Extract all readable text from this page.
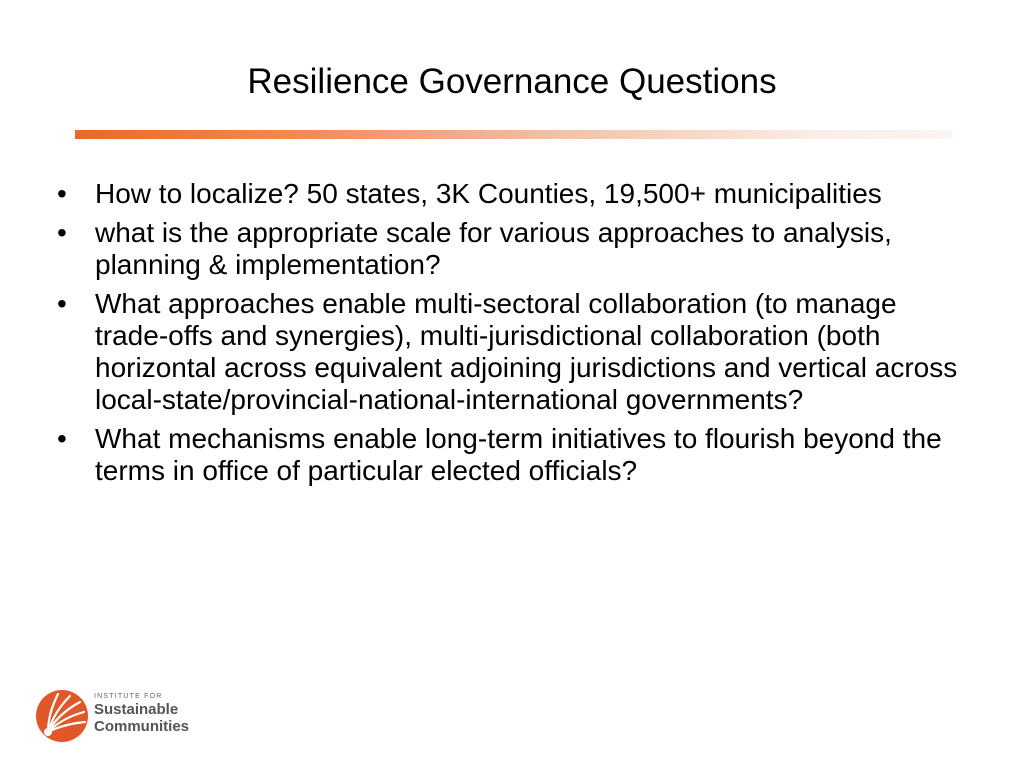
Resilience Governance Questions
• How to localize? 50 states, 3K Counties, 19,500+ municipalities
• what is the appropriate scale for various approaches to analysis, planning & implementation?
• What approaches enable multi-sectoral collaboration (to manage trade-offs and synergies), multi-jurisdictional collaboration (both horizontal across equivalent adjoining jurisdictions and vertical across local-state/provincial-national-international governments?
• What mechanisms enable long-term initiatives to flourish beyond the terms in office of particular elected officials?
INSTITUTE FOR
Sustainable
Communities
